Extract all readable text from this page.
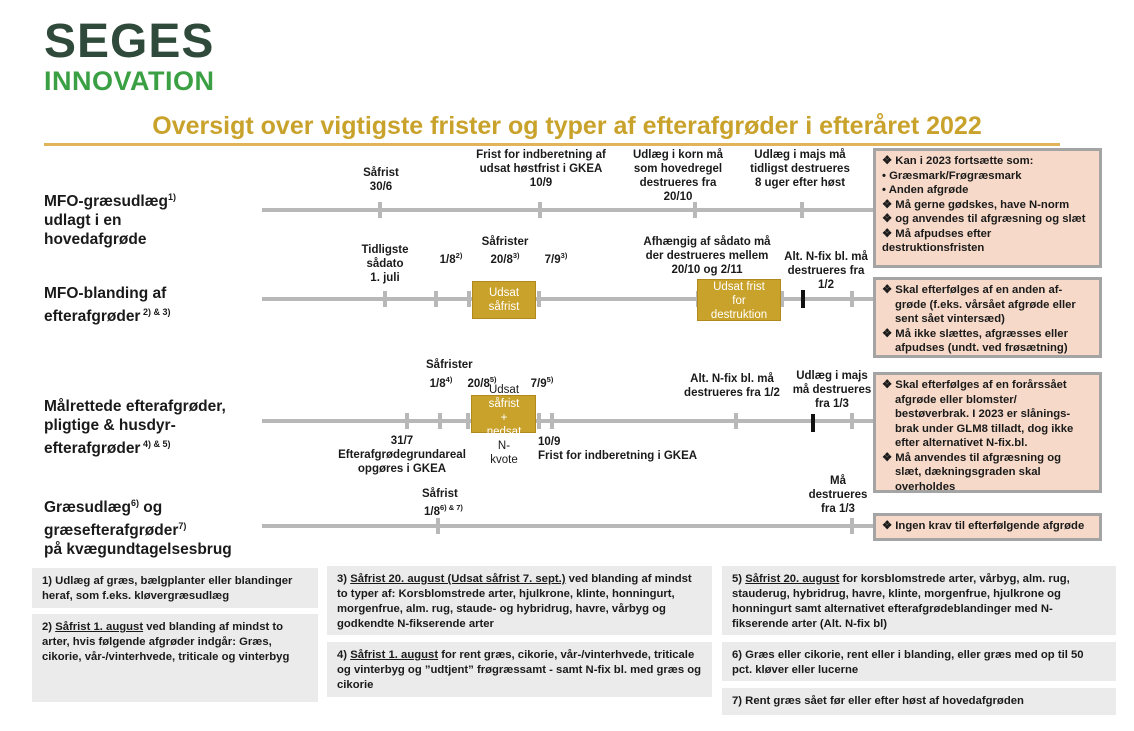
SEGES
INNOVATION
Oversigt over vigtigste frister og typer af efterafgrøder i efteråret 2022
MFO-græsudlæg$^{1)}$
udlagt i en
hovedafgrøde
MFO-blanding af
efterafgrøder $^{2) \& 3)}$
Målrettede efterafgrøder,
pligtige & husdyr-
efterafgrøder $^{4) \& 5)}$
Græsudlæg$^{6)}$ og
græsefterafgrøder$^{7)}$
på kvægundtagelsesbrug
Såfrist
30/6
Frist for indberetning af
udsat høstfrist i GKEA
10/9
Udlæg i korn må
som hovedregel
destrueres fra
20/10
Udlæg i majs må
tidligst destrueres
8 uger efter høst
❖ Kan i 2023 fortsætte som:
• Græsmark/Frøgræsmark
• Anden afgrøde
❖ Må gerne gødskes, have N-norm
❖ og anvendes til afgræsning og slæt
❖ Må afpudses efter destruktionsfristen
Udsat
såfrist
Udsat frist
for
destruktion
Tidligste
sådato
1. juli
1/8$^{2)}$
Såfrister
20/8$^{3)}$	7/9$^{3)}$
Afhængig af sådato må
der destrueres mellem
20/10 og 2/11
Alt. N-fix bl. må
destrueres fra
1/2	❖ Skal efterfølges af en anden af-
grøde (f.eks. vårsået afgrøde eller
sent sået vintersæd)
❖ Må ikke slættes, afgræsses eller
afpudses (undt. ved frøsætning)
Udsat
såfrist
+
nedsat
N-
kvote
Såfrister
1/8$^{4)}$	20/8$^{5)}$	7/9$^{5)}$
31/7
Efterafgrødegrundareal
opgøres i GKEA
10/9
Frist for indberetning i GKEA
Alt. N-fix bl. må
destrueres fra 1/2
Udlæg i majs
må destrueres
fra 1/3
❖ Skal efterfølges af en forårssået
afgrøde eller blomster/
bestøverbrak. I 2023 er slånings-
brak under GLM8 tilladt, dog ikke
efter alternativet N-fix.bl.
❖ Må anvendes til afgræsning og
slæt, dækningsgraden skal
overholdes
Såfrist
$1/8^{6) \& 7)}$
Må
destrueres
fra 1/3
❖ Ingen krav til efterfølgende afgrøde
1) Udlæg af græs, bælgplanter eller blandinger heraf, som f.eks. kløvergræsudlæg
2) Såfrist 1. august ved blanding af mindst to arter, hvis følgende afgrøder indgår: Græs, cikorie, vår-/vinterhvede, triticale og vinterbyg
3) Såfrist 20. august (Udsat såfrist 7. sept.) ved blanding af mindst to typer af: Korsblomstrede arter, hjulkrone, klinte, honningurt, morgenfrue, alm. rug, staude- og hybridrug, havre, vårbyg og godkendte N-fikserende arter
4) Såfrist 1. august for rent græs, cikorie, vår-/vinterhvede, triticale og vinterbyg og ”udtjent” frøgræssamt - samt N-fix bl. med græs og cikorie
5) Såfrist 20. august for korsblomstrede arter, vårbyg, alm. rug, stauderug, hybridrug, havre, klinte, morgenfrue, hjulkrone og honningurt samt alternativet efterafgrødeblandinger med N-fikserende arter (Alt. N-fix bl)
6) Græs eller cikorie, rent eller i blanding, eller græs med op til 50 pct. kløver eller lucerne
7) Rent græs sået før eller efter høst af hovedafgrøden
